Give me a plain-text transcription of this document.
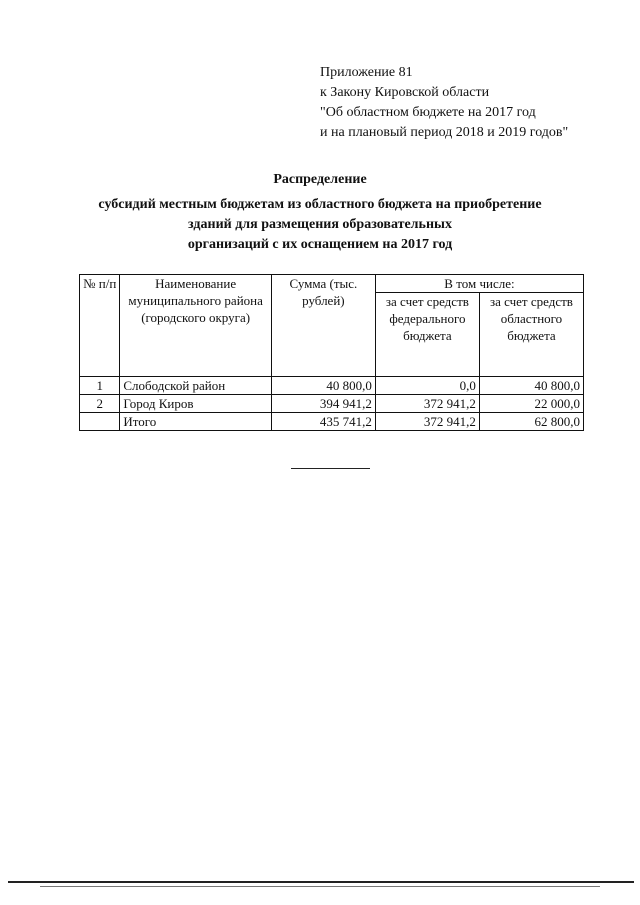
Приложение 81
к Закону Кировской области
"Об областном бюджете на 2017 год
и на плановый период 2018 и 2019 годов"
Распределение
субсидий местным бюджетам из областного бюджета на приобретение
зданий для размещения образовательных
организаций с их оснащением на 2017 год
№ п/п	Наименование муниципального района (городского округа)	Сумма (тыс. рублей)	В том числе:	
			за счет средств федерального бюджета	за счет средств областного бюджета
1	Слободской район	40 800,0	0,0	40 800,0
2	Город Киров	394 941,2	372 941,2	22 000,0
	Итого	435 741,2	372 941,2	62 800,0
